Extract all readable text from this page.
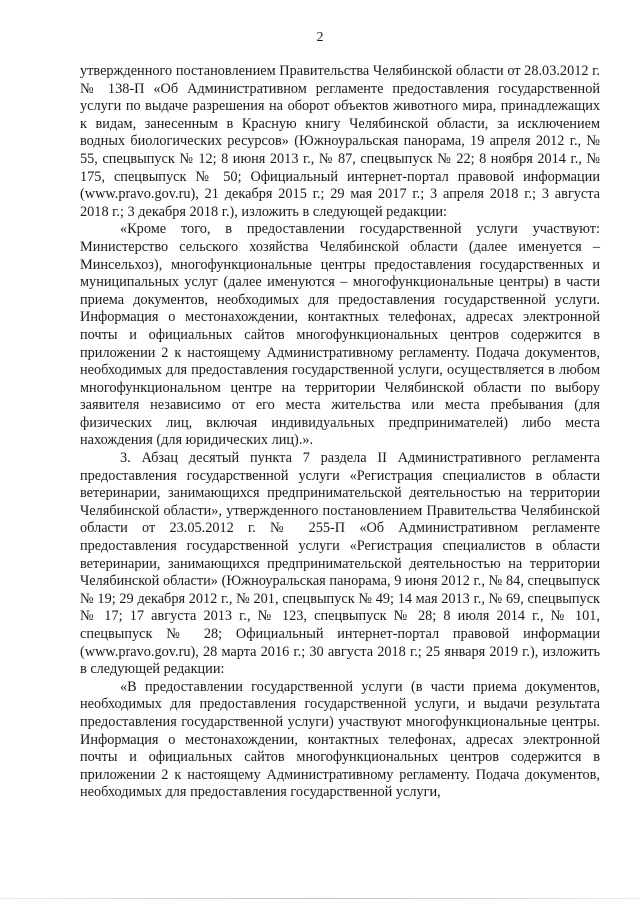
2

утвержденного постановлением Правительства Челябинской области от 28.03.2012 г. № 138-П «Об Административном регламенте предоставления государственной услуги по выдаче разрешения на оборот объектов животного мира, принадлежащих к видам, занесенным в Красную книгу Челябинской области, за исключением водных биологических ресурсов» (Южноуральская панорама, 19 апреля 2012 г., № 55, спецвыпуск № 12; 8 июня 2013 г., № 87, спецвыпуск № 22; 8 ноября 2014 г., № 175, спецвыпуск № 50; Официальный интернет-портал правовой информации (www.pravo.gov.ru), 21 декабря 2015 г.; 29 мая 2017 г.; 3 апреля 2018 г.; 3 августа 2018 г.; 3 декабря 2018 г.), изложить в следующей редакции:

«Кроме того, в предоставлении государственной услуги участвуют: Министерство сельского хозяйства Челябинской области (далее именуется – Минсельхоз), многофункциональные центры предоставления государственных и муниципальных услуг (далее именуются – многофункциональные центры) в части приема документов, необходимых для предоставления государственной услуги. Информация о местонахождении, контактных телефонах, адресах электронной почты и официальных сайтов многофункциональных центров содержится в приложении 2 к настоящему Административному регламенту. Подача документов, необходимых для предоставления государственной услуги, осуществляется в любом многофункциональном центре на территории Челябинской области по выбору заявителя независимо от его места жительства или места пребывания (для физических лиц, включая индивидуальных предпринимателей) либо места нахождения (для юридических лиц).».

3. Абзац десятый пункта 7 раздела II Административного регламента предоставления государственной услуги «Регистрация специалистов в области ветеринарии, занимающихся предпринимательской деятельностью на территории Челябинской области», утвержденного постановлением Правительства Челябинской области от 23.05.2012 г. № 255-П «Об Административном регламенте предоставления государственной услуги «Регистрация специалистов в области ветеринарии, занимающихся предпринимательской деятельностью на территории Челябинской области» (Южноуральская панорама, 9 июня 2012 г., № 84, спецвыпуск № 19; 29 декабря 2012 г., № 201, спецвыпуск № 49; 14 мая 2013 г., № 69, спецвыпуск № 17; 17 августа 2013 г., № 123, спецвыпуск № 28; 8 июля 2014 г., № 101, спецвыпуск № 28; Официальный интернет-портал правовой информации (www.pravo.gov.ru), 28 марта 2016 г.; 30 августа 2018 г.; 25 января 2019 г.), изложить в следующей редакции:

«В предоставлении государственной услуги (в части приема документов, необходимых для предоставления государственной услуги, и выдачи результата предоставления государственной услуги) участвуют многофункциональные центры. Информация о местонахождении, контактных телефонах, адресах электронной почты и официальных сайтов многофункциональных центров содержится в приложении 2 к настоящему Административному регламенту. Подача документов, необходимых для предоставления государственной услуги,
